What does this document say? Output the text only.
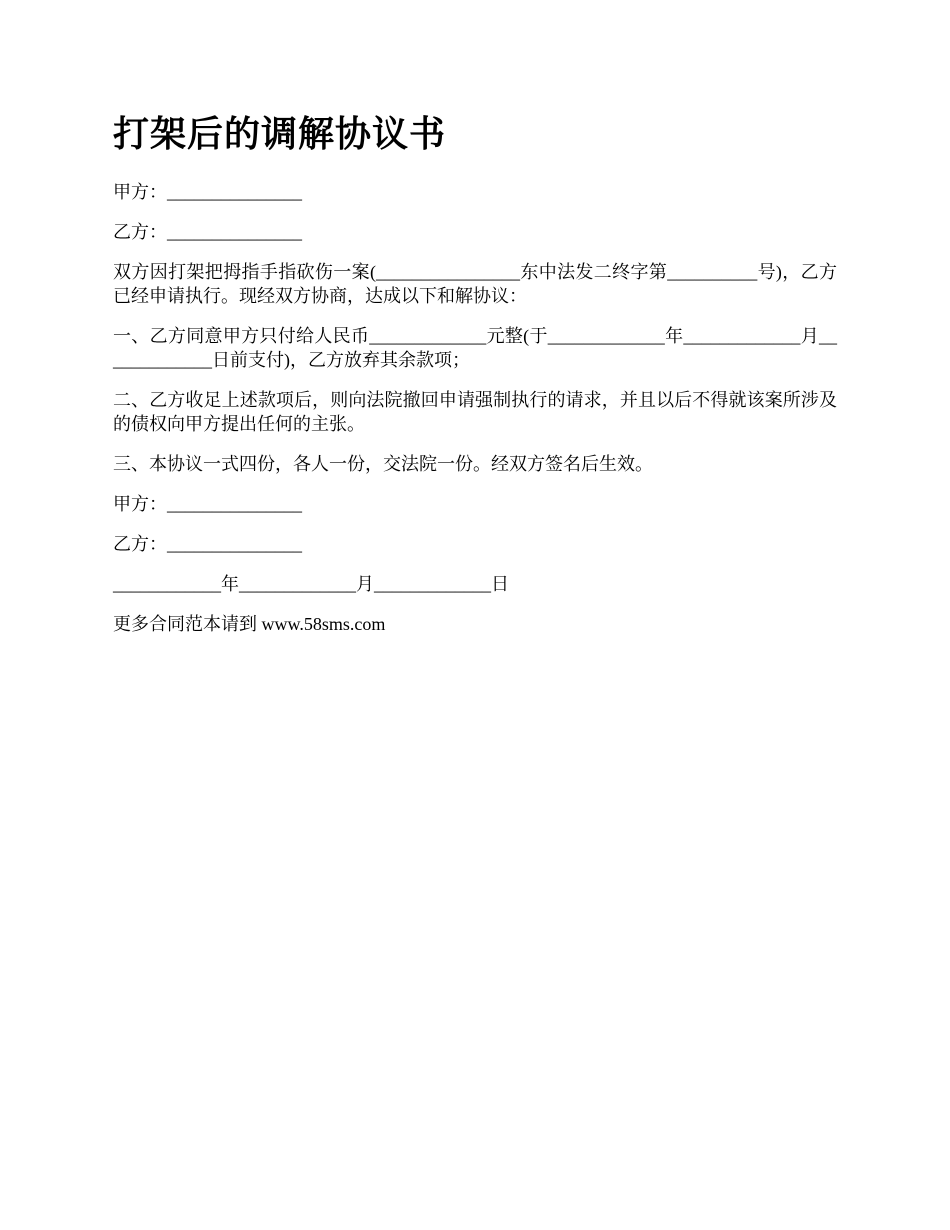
打架后的调解协议书

甲方：_______________

乙方：_______________

双方因打架把拇指手指砍伤一案(________________东中法发二终字第__________号)，乙方已经申请执行。现经双方协商，达成以下和解协议：

一、乙方同意甲方只付给人民币_____________元整(于_____________年_____________月_____________日前支付)，乙方放弃其余款项；

二、乙方收足上述款项后，则向法院撤回申请强制执行的请求，并且以后不得就该案所涉及的债权向甲方提出任何的主张。

三、本协议一式四份，各人一份，交法院一份。经双方签名后生效。

甲方：_______________

乙方：_______________

____________年_____________月_____________日

更多合同范本请到 www.58sms.com
